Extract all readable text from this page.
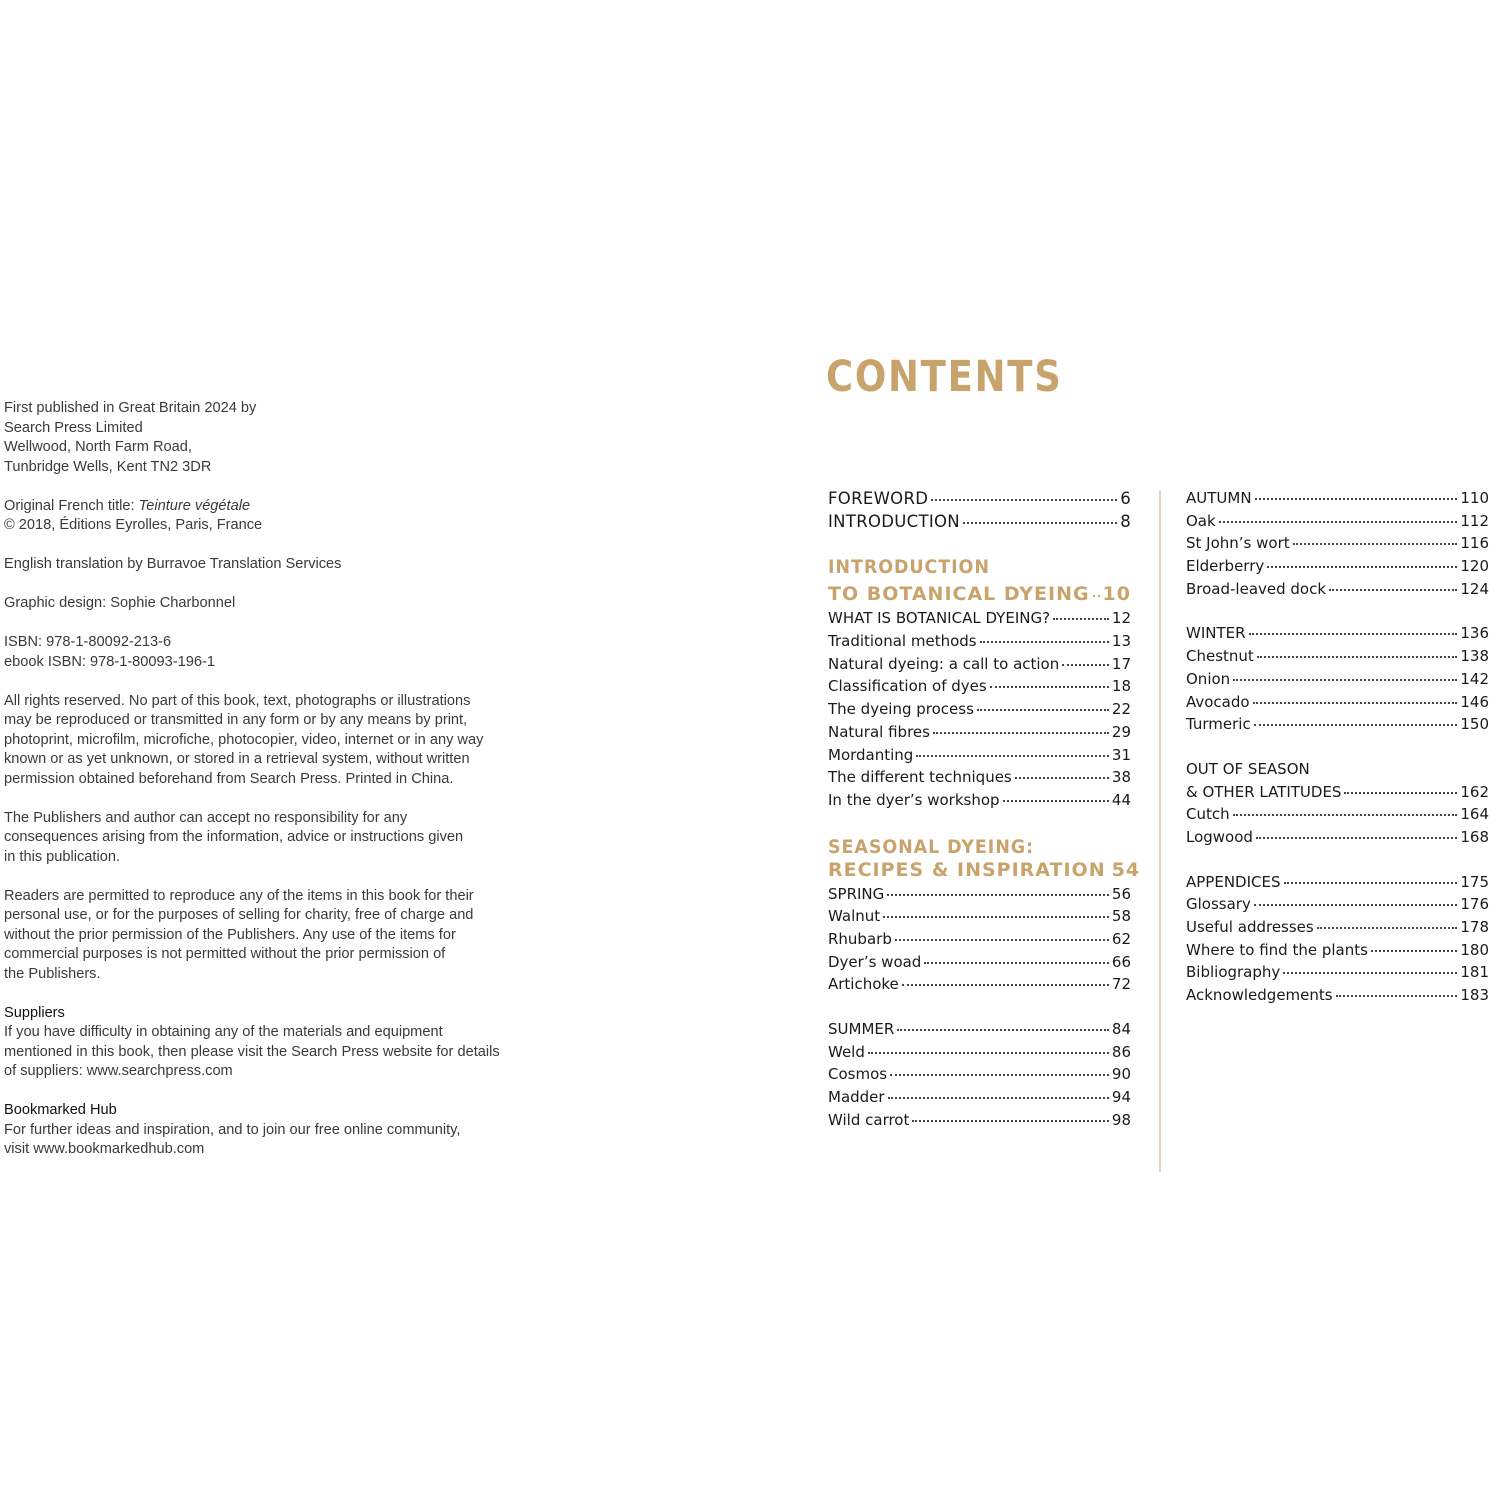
First published in Great Britain 2024 by
Search Press Limited
Wellwood, North Farm Road,
Tunbridge Wells, Kent TN2 3DR
Original French title: Teinture végétale
© 2018, Éditions Eyrolles, Paris, France
English translation by Burravoe Translation Services
Graphic design: Sophie Charbonnel
ISBN: 978-1-80092-213-6
ebook ISBN: 978-1-80093-196-1
All rights reserved. No part of this book, text, photographs or illustrations
may be reproduced or transmitted in any form or by any means by print,
photoprint, microfilm, microfiche, photocopier, video, internet or in any way
known or as yet unknown, or stored in a retrieval system, without written
permission obtained beforehand from Search Press. Printed in China.
The Publishers and author can accept no responsibility for any
consequences arising from the information, advice or instructions given
in this publication.
Readers are permitted to reproduce any of the items in this book for their
personal use, or for the purposes of selling for charity, free of charge and
without the prior permission of the Publishers. Any use of the items for
commercial purposes is not permitted without the prior permission of
the Publishers.
Suppliers
If you have difficulty in obtaining any of the materials and equipment
mentioned in this book, then please visit the Search Press website for details
of suppliers: www.searchpress.com
Bookmarked Hub
For further ideas and inspiration, and to join our free online community,
visit www.bookmarkedhub.com
CONTENTS
FOREWORD	6
INTRODUCTION	8
INTRODUCTION
TO BOTANICAL DYEING 10
WHAT IS BOTANICAL DYEING?	12
Traditional methods	13
Natural dyeing: a call to action	17
Classification of dyes	18
The dyeing process	22
Natural fibres	29
Mordanting	31
The different techniques	38
In the dyer’s workshop	44
SEASONAL DYEING:
RECIPES & INSPIRATION 54
SPRING	56
Walnut	58
Rhubarb	62
Dyer’s woad	66
Artichoke	72
SUMMER	84
Weld	86
Cosmos	90
Madder	94
Wild carrot	98
AUTUMN	110
Oak	112
St John’s wort	116
Elderberry	120
Broad-leaved dock	124
WINTER	136
Chestnut	138
Onion	142
Avocado	146
Turmeric	150
OUT OF SEASON
& OTHER LATITUDES	162
Cutch	164
Logwood	168
APPENDICES	175
Glossary	176
Useful addresses	178
Where to find the plants	180
Bibliography	181
Acknowledgements	183
